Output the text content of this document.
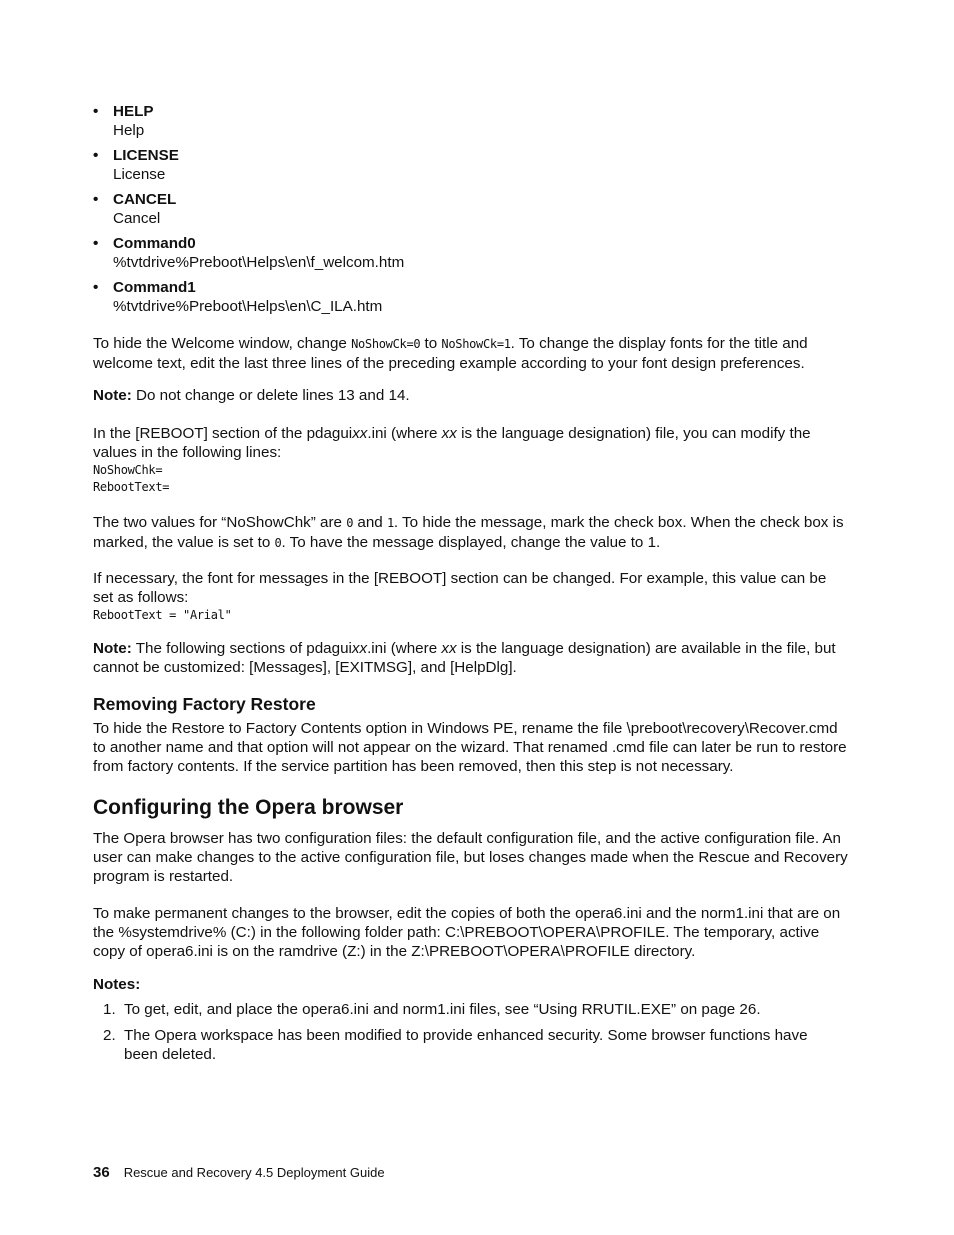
• HELP
Help
• LICENSE
License
• CANCEL
Cancel
• Command0
%tvtdrive%Preboot\Helps\en\f_welcom.htm
• Command1
%tvtdrive%Preboot\Helps\en\C_ILA.htm
To hide the Welcome window, change NoShowCk=0 to NoShowCk=1. To change the display fonts for the title and welcome text, edit the last three lines of the preceding example according to your font design preferences.
Note: Do not change or delete lines 13 and 14.
In the [REBOOT] section of the pdaguixx.ini (where xx is the language designation) file, you can modify the values in the following lines:
NoShowChk=
RebootText=
The two values for “NoShowChk” are 0 and 1. To hide the message, mark the check box. When the check box is marked, the value is set to 0. To have the message displayed, change the value to 1.
If necessary, the font for messages in the [REBOOT] section can be changed. For example, this value can be set as follows:
RebootText = "Arial"
Note: The following sections of pdaguixx.ini (where xx is the language designation) are available in the file, but cannot be customized: [Messages], [EXITMSG], and [HelpDlg].
Removing Factory Restore
To hide the Restore to Factory Contents option in Windows PE, rename the file \preboot\recovery\Recover.cmd to another name and that option will not appear on the wizard. That renamed .cmd file can later be run to restore from factory contents. If the service partition has been removed, then this step is not necessary.
Configuring the Opera browser
The Opera browser has two configuration files: the default configuration file, and the active configuration file. An user can make changes to the active configuration file, but loses changes made when the Rescue and Recovery program is restarted.
To make permanent changes to the browser, edit the copies of both the opera6.ini and the norm1.ini that are on the %systemdrive% (C:) in the following folder path: C:\PREBOOT\OPERA\PROFILE. The temporary, active copy of opera6.ini is on the ramdrive (Z:) in the Z:\PREBOOT\OPERA\PROFILE directory.
Notes:
1. To get, edit, and place the opera6.ini and norm1.ini files, see “Using RRUTIL.EXE” on page 26.
2. The Opera workspace has been modified to provide enhanced security. Some browser functions have been deleted.
36 Rescue and Recovery 4.5 Deployment Guide
